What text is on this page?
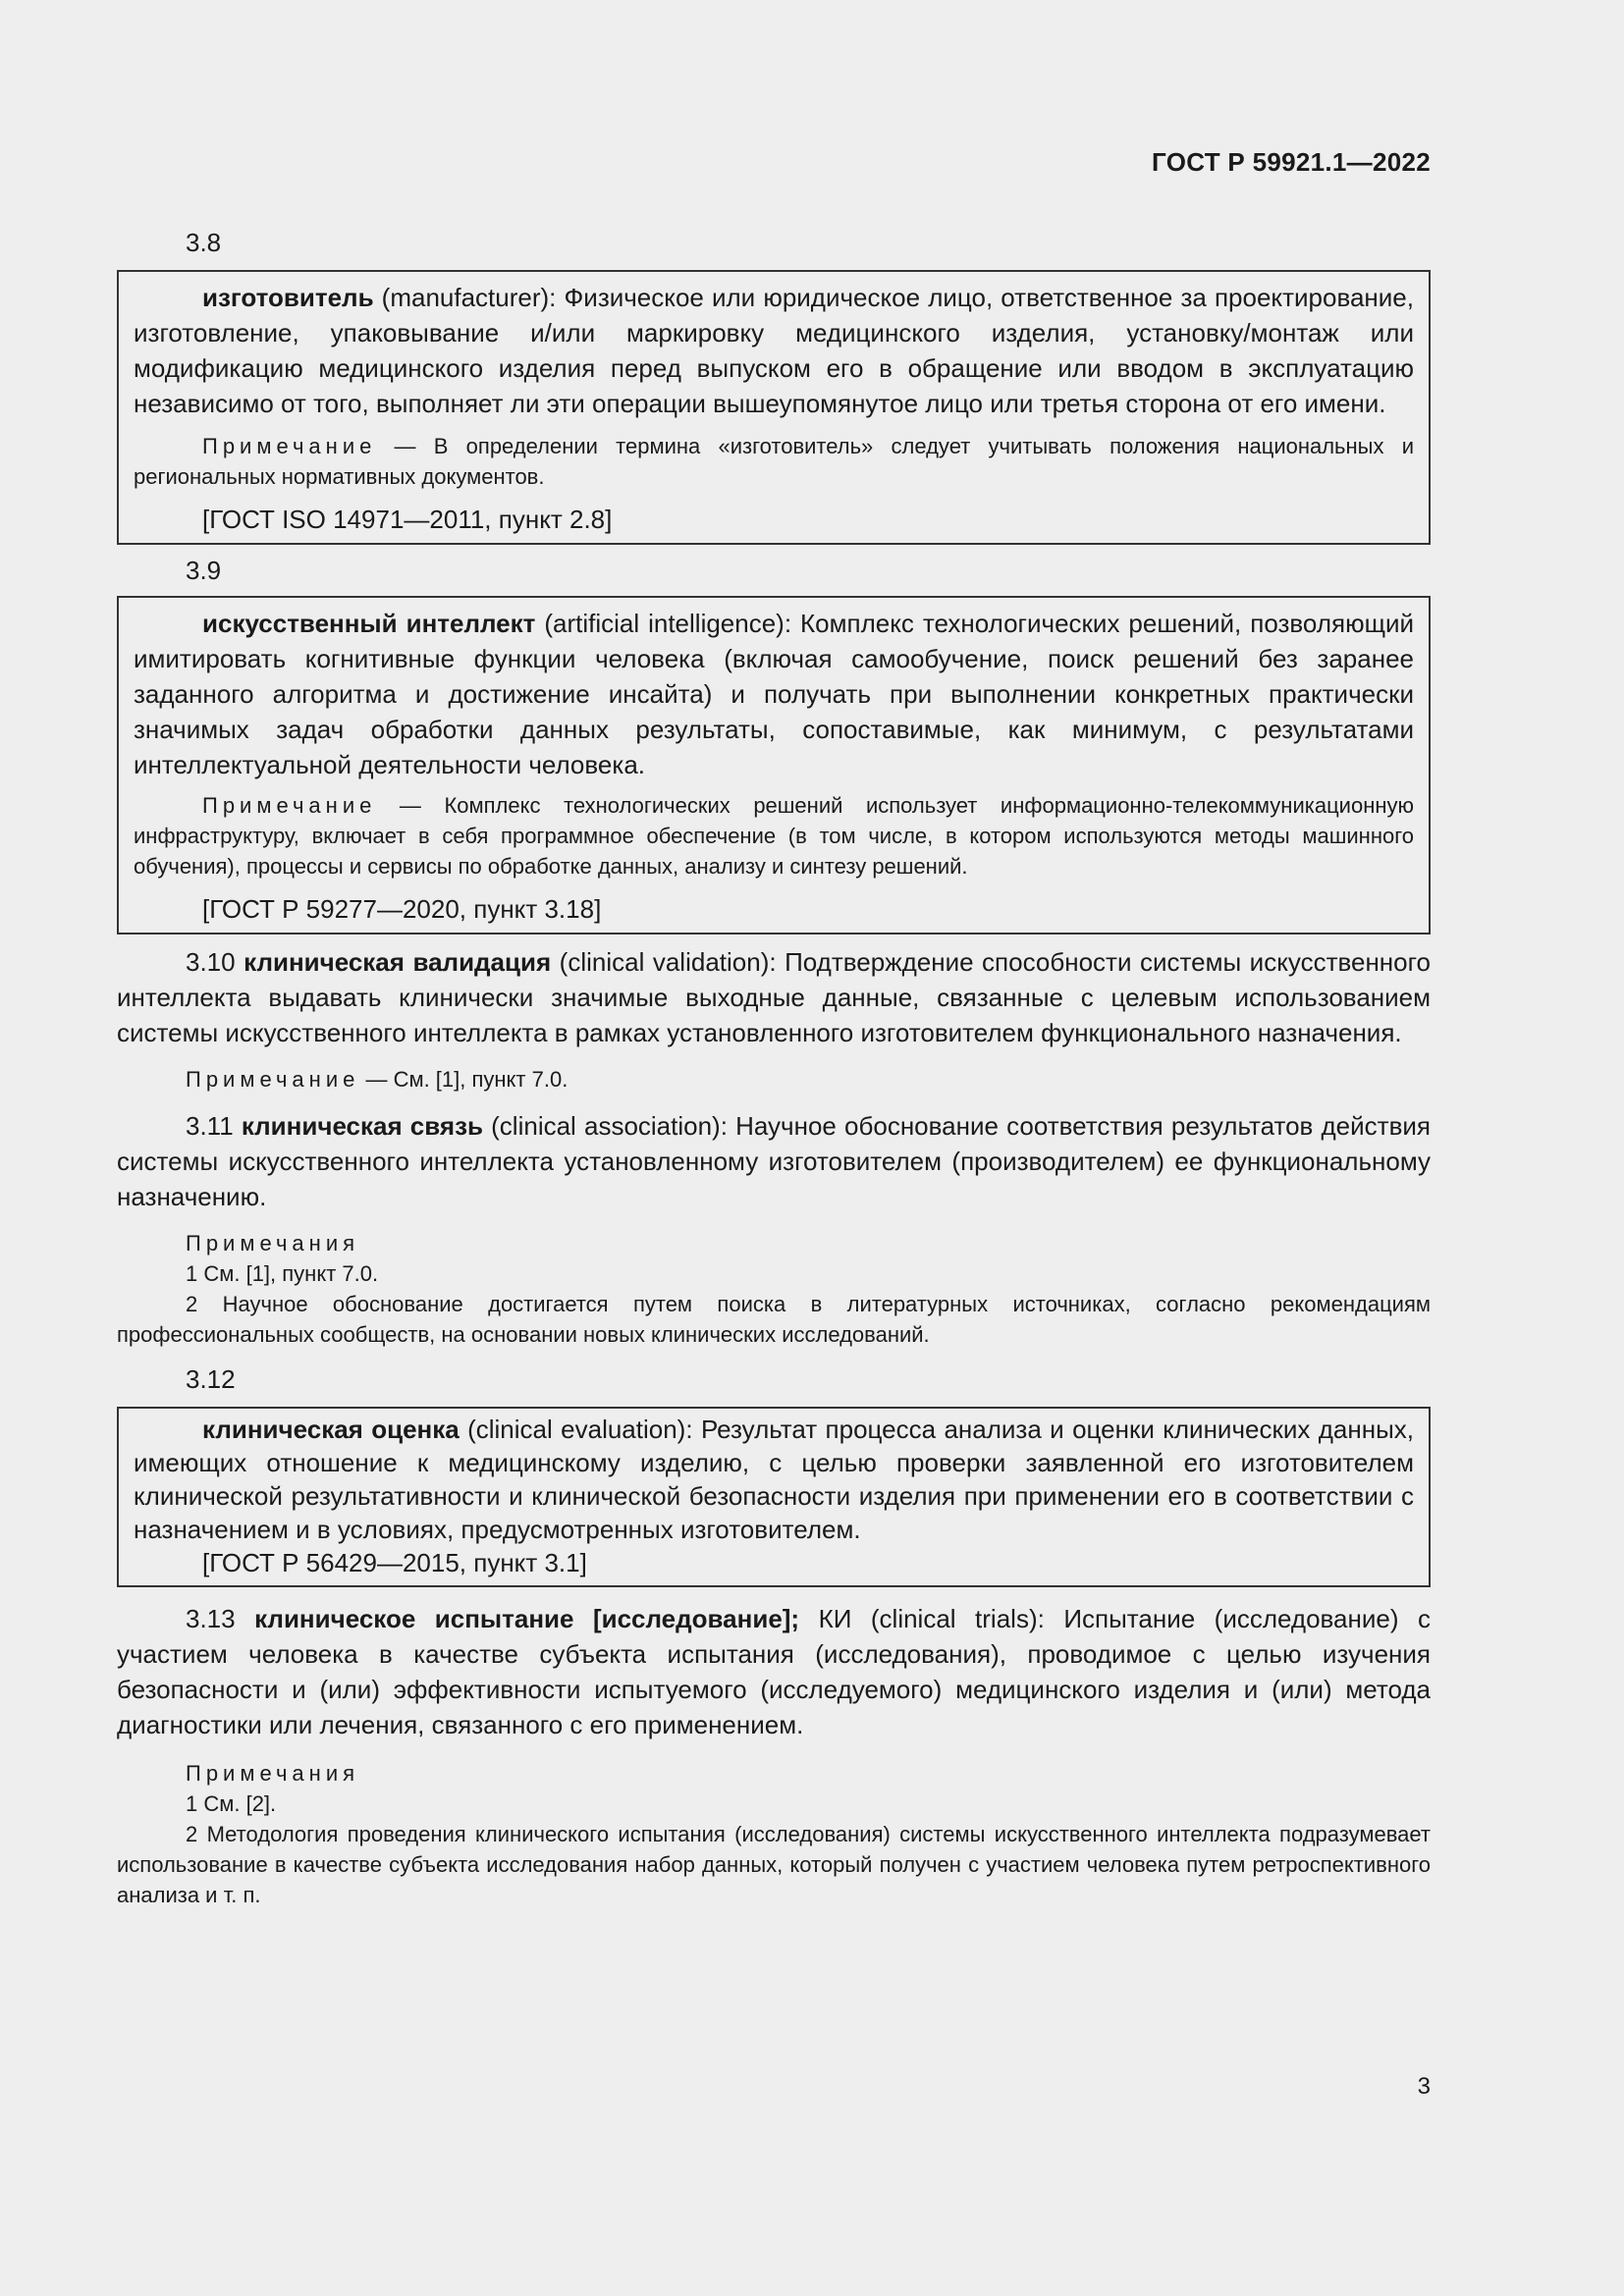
ГОСТ Р 59921.1—2022
3.8

изготовитель (manufacturer): Физическое или юридическое лицо, ответственное за проектирование, изготовление, упаковывание и/или маркировку медицинского изделия, установку/монтаж или модификацию медицинского изделия перед выпуском его в обращение или вводом в эксплуатацию независимо от того, выполняет ли эти операции вышеупомянутое лицо или третья сторона от его имени.

Примечание — В определении термина «изготовитель» следует учитывать положения национальных и региональных нормативных документов.

[ГОСТ ISO 14971—2011, пункт 2.8]
3.9

искусственный интеллект (artificial intelligence): Комплекс технологических решений, позволяющий имитировать когнитивные функции человека (включая самообучение, поиск решений без заранее заданного алгоритма и достижение инсайта) и получать при выполнении конкретных практически значимых задач обработки данных результаты, сопоставимые, как минимум, с результатами интеллектуальной деятельности человека.

Примечание — Комплекс технологических решений использует информационно-телекоммуникационную инфраструктуру, включает в себя программное обеспечение (в том числе, в котором используются методы машинного обучения), процессы и сервисы по обработке данных, анализу и синтезу решений.

[ГОСТ Р 59277—2020, пункт 3.18]

3.10 клиническая валидация (clinical validation): Подтверждение способности системы искусственного интеллекта выдавать клинически значимые выходные данные, связанные с целевым использованием системы искусственного интеллекта в рамках установленного изготовителем функционального назначения.

Примечание — См. [1], пункт 7.0.

3.11 клиническая связь (clinical association): Научное обоснование соответствия результатов действия системы искусственного интеллекта установленному изготовителем (производителем) ее функциональному назначению.

Примечания

1 См. [1], пункт 7.0.

2 Научное обоснование достигается путем поиска в литературных источниках, согласно рекомендациям профессиональных сообществ, на основании новых клинических исследований.

3.12

клиническая оценка (clinical evaluation): Результат процесса анализа и оценки клинических данных, имеющих отношение к медицинскому изделию, с целью проверки заявленной его изготовителем клинической результативности и клинической безопасности изделия при применении его в соответствии с назначением и в условиях, предусмотренных изготовителем.

[ГОСТ Р 56429—2015, пункт 3.1]

3.13 клиническое испытание [исследование]; КИ (clinical trials): Испытание (исследование) с участием человека в качестве субъекта испытания (исследования), проводимое с целью изучения безопасности и (или) эффективности испытуемого (исследуемого) медицинского изделия и (или) метода диагностики или лечения, связанного с его применением.

Примечания

1 См. [2].

2 Методология проведения клинического испытания (исследования) системы искусственного интеллекта подразумевает использование в качестве субъекта исследования набор данных, который получен с участием человека путем ретроспективного анализа и т. п.

3
